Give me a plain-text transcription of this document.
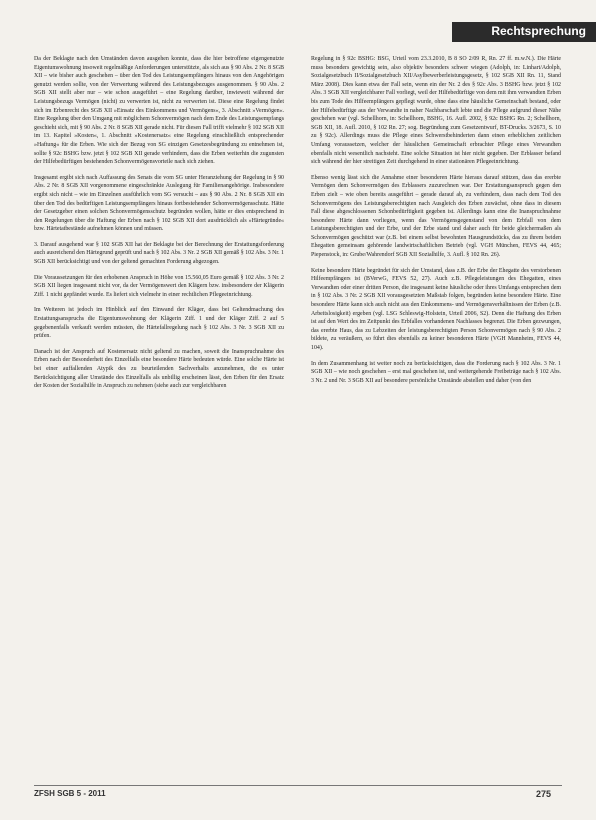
Rechtsprechung

Da der Beklagte nach den Umständen davon ausgehen konnte, dass die hier betroffene eigengenutzte Eigentumswohnung insoweit regelmäßige Anforderungen unterstützte, als sich aus § 90 Abs. 2 Nr. 8 SGB XII – wie bisher auch geschehen – über den Tod des Leistungsempfängers hinaus von den Angehörigen genutzt werden sollte, von der Verwertung während des Leistungsbezuges ausgenommen. § 90 Abs. 2 SGB XII stellt aber nur – wie schon ausgeführt – eine Regelung darüber, inwieweit während der Leistungsbezugs Vermögen (nicht) zu verwerten ist, nicht zu verwerten ist. Diese eine Regelung findet sich im Erbenrecht des SGB XII »Einsatz des Einkommens und Vermögens«, 3. Abschnitt »Vermögen«. Eine Regelung über den Umgang mit möglichem Schonvermögen nach dem Ende des Leistungsempfangs geschieht sich, mit § 90 Abs. 2 Nr. 8 SGB XII gerade nicht. Für diesen Fall trifft vielmehr § 102 SGB XII im 13. Kapitel »Kosten«, 1. Abschnitt »Kostenersatz« eine Regelung einschließlich entsprechender »Haftung« für die Erben. Wie sich der Bezug von SG einzigen Gesetzesbegründung zu entnehmen ist, sollte § 92c BSHG bzw. jetzt § 102 SGB XII gerade verhindern, dass die Erben weiterhin die zugunsten der Hilfebedürftigen bestehenden Schonvermögensvorteile nach sich ziehen.

Insgesamt ergibt sich nach Auffassung des Senats die vom SG unter Heranziehung der Regelung in § 90 Abs. 2 Nr. 8 SGB XII vorgenommene eingeschränkte Auslegung für Familienangehörige. Insbesondere ergibt sich nicht – wie im Einzelnen ausführlich vom SG versucht – aus § 90 Abs. 2 Nr. 8 SGB XII ein über den Tod des bedürftigen Leistungsempfängers hinaus fortbestehender Schonvermögensschutz. Hätte der Gesetzgeber einen solchen Schonvermögensschutz begründen wollen, hätte er dies entsprechend in den Regelungen über die Haftung der Erben nach § 102 SGB XII dort ausdrücklich als »Härtegründe« bzw. Härtetatbestände aufnehmen können und müssen.

3. Darauf ausgehend war § 102 SGB XII hat der Beklagte bei der Berechnung der Erstattungsforderung auch ausreichend den Härtegrund geprüft und nach § 102 Abs. 3 Nr. 2 SGB XII gemäß § 102 Abs. 3 Nr. 1 SGB XII berücksichtigt und von der geltend gemachten Forderung abgezogen.

Die Voraussetzungen für den erhobenen Anspruch in Höhe von 15.560,05 Euro gemäß § 102 Abs. 3 Nr. 2 SGB XII liegen insgesamt nicht vor, da der Vermögenswert den Klägern bzw. insbesondere der Klägerin Ziff. 1 nicht gepfändet wurde. Es liefert sich vielmehr in einer rechtlichen Pflegeeinrichtung.

Im Weiteren ist jedoch im Hinblick auf den Einwand der Kläger, dass bei Geltendmachung des Erstattungsanspruchs die Eigentumswohnung der Klägerin Ziff. 1 und der Kläger Ziff. 2 auf 5 gegebenenfalls verkauft werden müssten, die Härtefallregelung nach § 102 Abs. 3 Nr. 3 SGB XII zu prüfen.

Danach ist der Anspruch auf Kostenersatz nicht geltend zu machen, soweit die Inanspruchnahme des Erben nach der Besonderheit des Einzelfalls eine besondere Härte bedeuten würde. Eine solche Härte ist bei einer auffallenden Atypik des zu beurteilenden Sachverhalts anzunehmen, die es unter Berücksichtigung aller Umstände des Einzelfalls als unbillig erscheinen lässt, den Erben für den Ersatz der Kosten der Sozialhilfe in Anspruch zu nehmen (siehe auch zur vergleichbaren

Regelung in § 92c BSHG: BSG, Urteil vom 23.3.2010, B 8 SO 2/09 R, Rn. 27 ff. m.w.N.). Die Härte muss besonders gewichtig sein, also objektiv besonders schwer wiegen (Adolph, in: Linhart/Adolph, Sozialgesetzbuch II/Sozialgesetzbuch XII/Asylbewerberleistungsgesetz, § 102 SGB XII Rn. 11, Stand März 2008). Dies kann etwa der Fall sein, wenn ein der Nr. 2 des § 92c Abs. 3 BSHG bzw. jetzt § 102 Abs. 3 SGB XII vergleichbarer Fall vorliegt, weil der Hilfebedürftige von dem mit ihm verwandten Erben bis zum Tode des Hilfeempfängers gepflegt wurde, ohne dass eine häusliche Gemeinschaft bestand, oder der Hilfebedürftige aus der Verwandte in naher Nachbarschaft lebte und die Pflege aufgrund dieser Nähe geschehen war (vgl. Schellhorn, in: Schellhorn, BSHG, 16. Aufl. 2002, § 92c BSHG Rn. 2; Schellhorn, SGB XII, 18. Aufl. 2010, § 102 Rn. 27; sog. Begründung zum Gesetzentwurf, BT-Drucks. 3/2673, S. 10 zu § 92c). Allerdings muss die Pflege eines Schwerstbehinderten dann einen erheblichen zeitlichen Umfang voraussetzen, welcher der häuslichen Gemeinschaft erbrachter Pflege eines Verwandten ebenfalls nicht wesentlich nachsteht. Eine solche Situation ist hier nicht gegeben. Der Erblasser befand sich während der hier streitigen Zeit durchgehend in einer stationären Pflegeeinrichtung.

Ebenso wenig lässt sich die Annahme einer besonderen Härte hieraus darauf stützen, dass das ererbte Vermögen dem Schonvermögen des Erblassers zuzurechnen war. Der Erstattungsanspruch gegen den Erben zielt – wie oben bereits ausgeführt – gerade darauf ab, zu verhindern, dass nach dem Tod des Schonvermögens des Leistungsberechtigten nach Ausgleich des Erben zuwächst, ohne dass in diesem Fall diese abgeschlossenen Schonbedürftigkeit gegeben ist. Allerdings kann eine die Inanspruchnahme besondere Härte dann vorliegen, wenn das Vermögensgegenstand von dem Erbfall von dem Leistungsberechtigten und der Erbe, und der Erbe stand und daher auch für beide gleichermaßen als Schonvermögen geschützt war (z.B. bei einem selbst bewohnten Hausgrundstücks, das zu ihrem beiden Ehegatten gemeinsam gehörende landwirtschaftlichen Betrieb (vgl. VGH München, FEVS 44, 465; Piepenstock, in: Grube/Wahrendorf SGB XII Sozialhilfe, 3. Aufl. § 102 Rn. 26).

Keine besondere Härte begründet für sich der Umstand, dass z.B. der Erbe der Ehegatte des verstorbenen Hilfeempfängers ist (BVerwG, FEVS 52, 27). Auch z.B. Pflegeleistungen des Ehegatten, eines Verwandten oder einer dritten Person, die insgesamt keine häusliche oder ihres Umfangs entsprechen dem in § 102 Abs. 3 Nr. 2 SGB XII vorausgesetzten Maßstab folgen, begründen keine besondere Härte. Eine besondere Härte kann sich auch nicht aus den Einkommens- und Vermögensverhältnissen der Erben (z.B. Arbeitslosigkeit) ergeben (vgl. LSG Schleswig-Holstein, Urteil 2006, S2). Denn die Haftung des Erben ist auf den Wert des im Zeitpunkt des Erbfalles vorhandenen Nachlasses begrenzt. Die Erben gezwungen, das ererbte Haus, das zu Lebzeiten der leistungsberechtigten Person Schonvermögen nach § 90 Abs. 2 bildete, zu veräußern, so führt dies ebenfalls zu keiner besonderen Härte (VGH Mannheim, FEVS 44, 104).

In dem Zusammenhang ist weiter noch zu berücksichtigen, dass die Forderung nach § 102 Abs. 3 Nr. 1 SGB XII – wie noch geschehen – erst mal geschehen ist, und weitergehende Freibeträge nach § 102 Abs. 3 Nr. 2 und Nr. 3 SGB XII auf besondere persönliche Umstände abstellen und daher (von den

ZFSH SGB 5 - 2011	275
